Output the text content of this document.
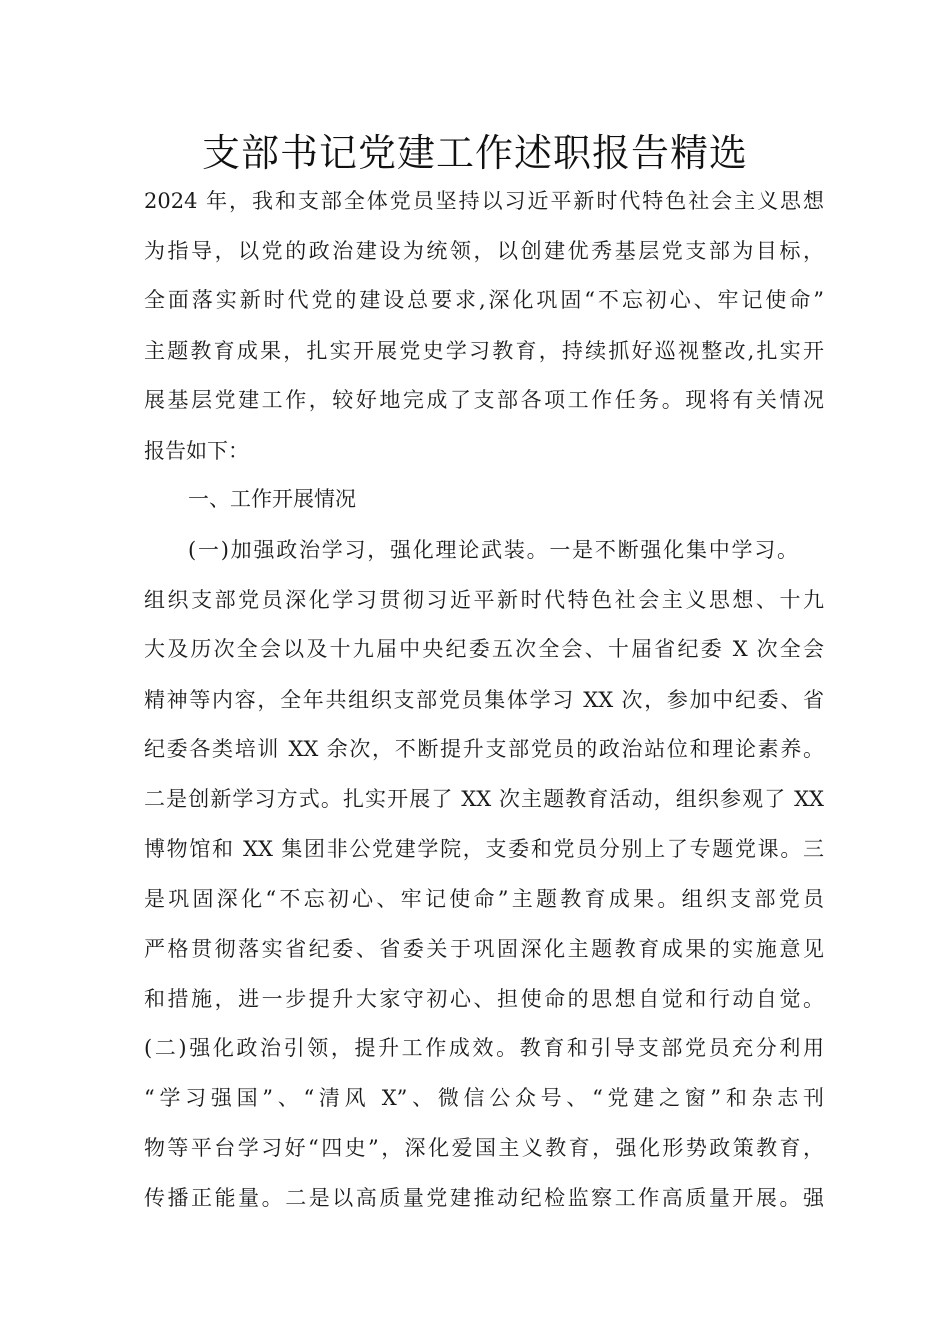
支部书记党建工作述职报告精选

2024 年，我和支部全体党员坚持以习近平新时代特色社会主义思想

为指导，以党的政治建设为统领，以创建优秀基层党支部为目标，

全面落实新时代党的建设总要求,深化巩固“不忘初心、牢记使命”

主题教育成果，扎实开展党史学习教育，持续抓好巡视整改,扎实开

展基层党建工作，较好地完成了支部各项工作任务。现将有关情况

报告如下：

一、工作开展情况

(一)加强政治学习，强化理论武装。一是不断强化集中学习。

组织支部党员深化学习贯彻习近平新时代特色社会主义思想、十九

大及历次全会以及十九届中央纪委五次全会、十届省纪委 X 次全会

精神等内容，全年共组织支部党员集体学习 XX 次，参加中纪委、省

纪委各类培训 XX 余次，不断提升支部党员的政治站位和理论素养。

二是创新学习方式。扎实开展了 XX 次主题教育活动，组织参观了 XX

博物馆和 XX 集团非公党建学院，支委和党员分别上了专题党课。三

是巩固深化“不忘初心、牢记使命”主题教育成果。组织支部党员

严格贯彻落实省纪委、省委关于巩固深化主题教育成果的实施意见

和措施，进一步提升大家守初心、担使命的思想自觉和行动自觉。

(二)强化政治引领，提升工作成效。教育和引导支部党员充分利用

“学习强国”、“清风 X”、微信公众号、“党建之窗”和杂志刊

物等平台学习好“四史”，深化爱国主义教育，强化形势政策教育，

传播正能量。二是以高质量党建推动纪检监察工作高质量开展。强
